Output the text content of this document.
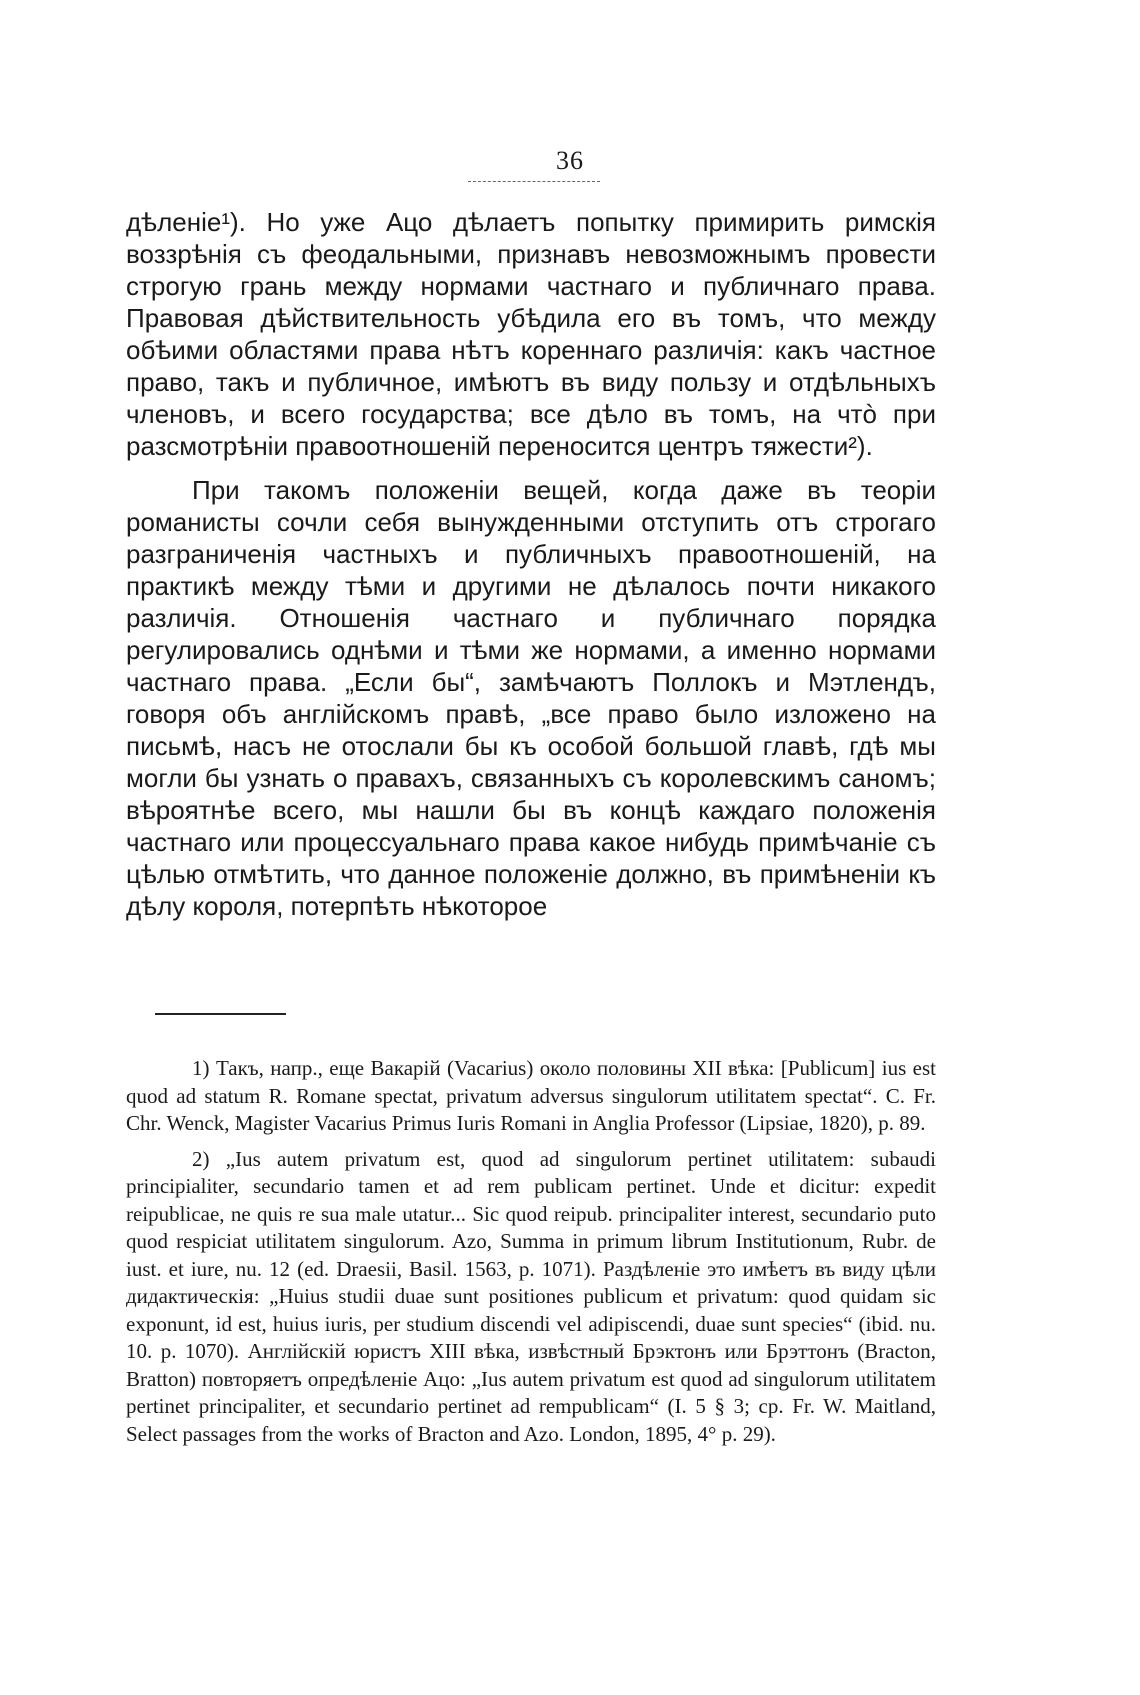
36

дѣленіе¹). Но уже Ацо дѣлаетъ попытку примирить римскія воззрѣнія съ феодальными, признавъ невозможнымъ провести строгую грань между нормами частнаго и публичнаго права. Правовая дѣйствительность убѣдила его въ томъ, что между обѣими областями права нѣтъ кореннаго различія: какъ частное право, такъ и публичное, имѣютъ въ виду пользу и отдѣльныхъ членовъ, и всего государства; все дѣло въ томъ, на чтò при разсмотрѣніи правоотношеній переносится центръ тяжести²).

При такомъ положеніи вещей, когда даже въ теоріи романисты сочли себя вынужденными отступить отъ строгаго разграниченія частныхъ и публичныхъ правоотношеній, на практикѣ между тѣми и другими не дѣлалось почти никакого различія. Отношенія частнаго и публичнаго порядка регулировались однѣми и тѣми же нормами, а именно нормами частнаго права. „Если бы“, замѣчаютъ Поллокъ и Мэтлендъ, говоря объ англійскомъ правѣ, „все право было изложено на письмѣ, насъ не отослали бы къ особой большой главѣ, гдѣ мы могли бы узнать о правахъ, связанныхъ съ королевскимъ саномъ; вѣроятнѣе всего, мы нашли бы въ концѣ каждаго положенія частнаго или процессуальнаго права какое нибудь примѣчаніе съ цѣлью отмѣтить, что данное положеніе должно, въ примѣненіи къ дѣлу короля, потерпѣть нѣкоторое

1) Такъ, напр., еще Вакарій (Vacarius) около половины XII вѣка: [Publicum] ius est quod ad statum R. Romane spectat, privatum adversus singulorum utilitatem spectat“. C. Fr. Chr. Wenck, Magister Vacarius Primus Iuris Romani in Anglia Professor (Lipsiae, 1820), p. 89.

2) „Ius autem privatum est, quod ad singulorum pertinet utilitatem: subaudi principialiter, secundario tamen et ad rem publicam pertinet. Unde et dicitur: expedit reipublicae, ne quis re sua male utatur... Sic quod reipub. principaliter interest, secundario puto quod respiciat utilitatem singulorum. Azo, Summa in primum librum Institutionum, Rubr. de iust. et iure, nu. 12 (ed. Draesii, Basil. 1563, p. 1071). Раздѣленіе это имѣетъ въ виду цѣли дидактическія: „Huius studii duae sunt positiones publicum et privatum: quod quidam sic exponunt, id est, huius iuris, per studium discendi vel adipiscendi, duae sunt species“ (ibid. nu. 10. p. 1070). Англійскій юристъ XIII вѣка, извѣстный Брэктонъ или Брэттонъ (Bracton, Bratton) повторяетъ опредѣленіе Ацо: „Ius autem privatum est quod ad singulorum utilitatem pertinet principaliter, et secundario pertinet ad rempublicam“ (I. 5 § 3; cp. Fr. W. Maitland, Select passages from the works of Bracton and Azo. London, 1895, 4° p. 29).
